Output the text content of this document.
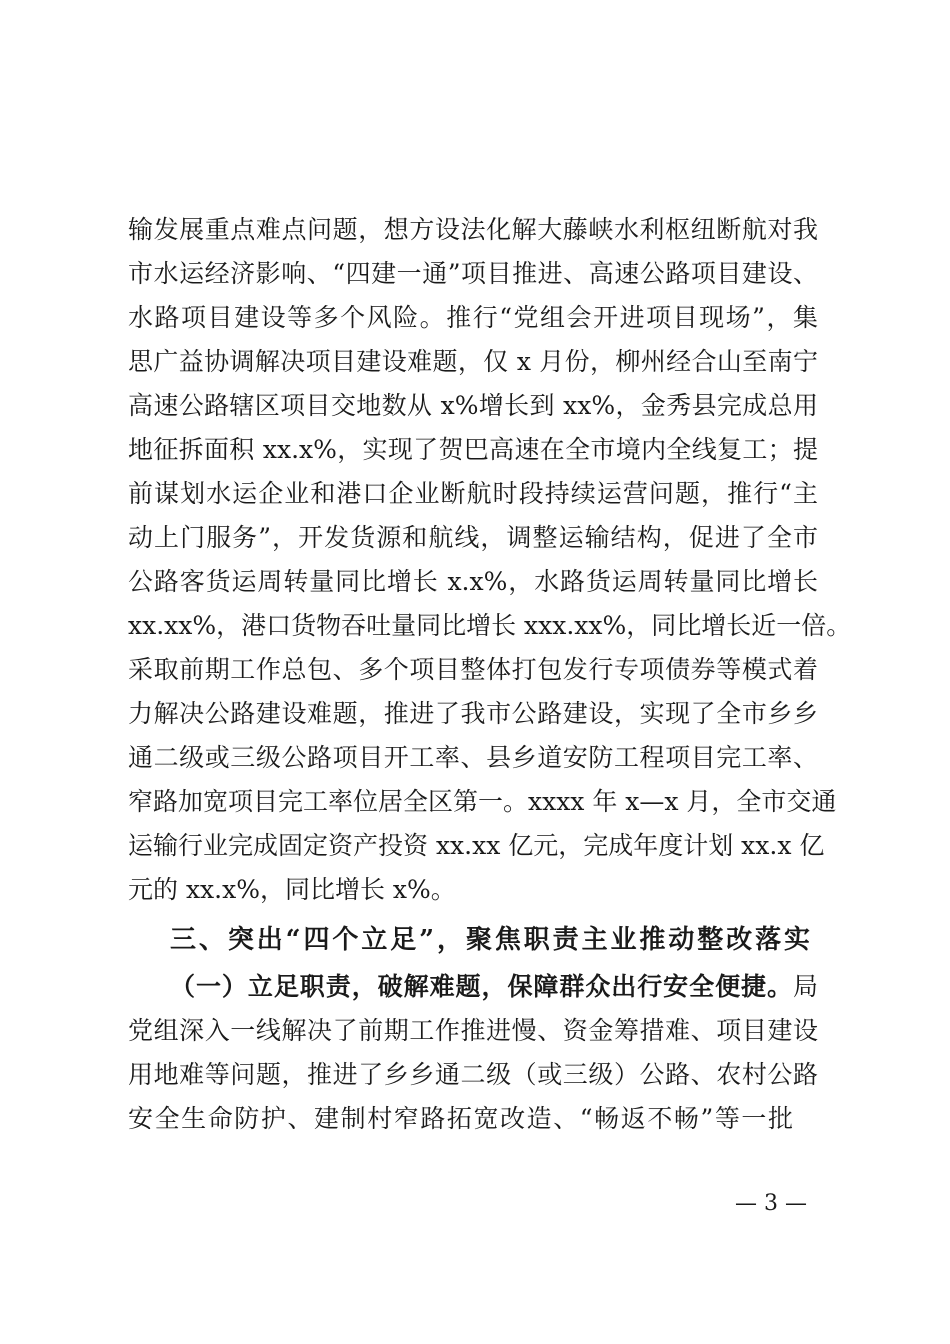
输发展重点难点问题，想方设法化解大藤峡水利枢纽断航对我
市水运经济影响、“四建一通”项目推进、高速公路项目建设、
水路项目建设等多个风险。推行“党组会开进项目现场”，集
思广益协调解决项目建设难题，仅 x 月份，柳州经合山至南宁
高速公路辖区项目交地数从 x%增长到 xx%，金秀县完成总用
地征拆面积 xx.x%，实现了贺巴高速在全市境内全线复工；提
前谋划水运企业和港口企业断航时段持续运营问题，推行“主
动上门服务”，开发货源和航线，调整运输结构，促进了全市
公路客货运周转量同比增长 x.x%，水路货运周转量同比增长
xx.xx%，港口货物吞吐量同比增长 xxx.xx%，同比增长近一倍。
采取前期工作总包、多个项目整体打包发行专项债券等模式着
力解决公路建设难题，推进了我市公路建设，实现了全市乡乡
通二级或三级公路项目开工率、县乡道安防工程项目完工率、
窄路加宽项目完工率位居全区第一。xxxx 年 x—x 月，全市交通
运输行业完成固定资产投资 xx.xx 亿元，完成年度计划 xx.x 亿
元的 xx.x%，同比增长 x%。
三、突出“四个立足”，聚焦职责主业推动整改落实
（一）立足职责，破解难题，保障群众出行安全便捷。局
党组深入一线解决了前期工作推进慢、资金筹措难、项目建设
用地难等问题，推进了乡乡通二级（或三级）公路、农村公路
安全生命防护、建制村窄路拓宽改造、“畅返不畅”等一批
— 3 —
